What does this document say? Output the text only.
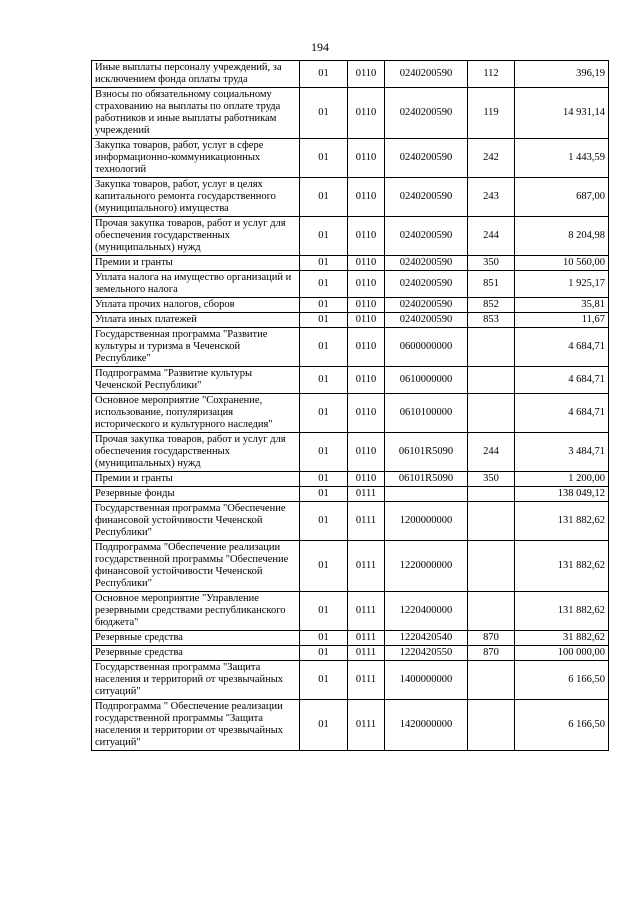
194
Иные выплаты персоналу учреждений, за исключением фонда оплаты труда	01	0110	0240200590	112	396,19
Взносы по обязательному социальному страхованию на выплаты по оплате труда работников и иные выплаты работникам учреждений	01	0110	0240200590	119	14 931,14
Закупка товаров, работ, услуг в сфере информационно-коммуникационных технологий	01	0110	0240200590	242	1 443,59
Закупка товаров, работ, услуг в целях капитального ремонта государственного (муниципального) имущества	01	0110	0240200590	243	687,00
Прочая закупка товаров, работ и услуг для обеспечения государственных (муниципальных) нужд	01	0110	0240200590	244	8 204,98
Премии и гранты	01	0110	0240200590	350	10 560,00
Уплата налога на имущество организаций и земельного налога	01	0110	0240200590	851	1 925,17
Уплата прочих налогов, сборов	01	0110	0240200590	852	35,81
Уплата иных платежей	01	0110	0240200590	853	11,67
Государственная программа "Развитие культуры и туризма в Чеченской Республике"	01	0110	0600000000		4 684,71
Подпрограмма "Развитие культуры Чеченской Республики"	01	0110	0610000000		4 684,71
Основное мероприятие "Сохранение, использование, популяризация исторического и культурного наследия"	01	0110	0610100000		4 684,71
Прочая закупка товаров, работ и услуг для обеспечения государственных (муниципальных) нужд	01	0110	06101R5090	244	3 484,71
Премии и гранты	01	0110	06101R5090	350	1 200,00
Резервные фонды	01	0111			138 049,12
Государственная программа "Обеспечение финансовой устойчивости Чеченской Республики"	01	0111	1200000000		131 882,62
Подпрограмма "Обеспечение реализации государственной программы "Обеспечение финансовой устойчивости Чеченской Республики"	01	0111	1220000000		131 882,62
Основное мероприятие "Управление резервными средствами республиканского бюджета"	01	0111	1220400000		131 882,62
Резервные средства	01	0111	1220420540	870	31 882,62
Резервные средства	01	0111	1220420550	870	100 000,00
Государственная программа "Защита населения и территорий от чрезвычайных ситуаций"	01	0111	1400000000		6 166,50
Подпрограмма " Обеспечение реализации государственной программы "Защита населения и территории от чрезвычайных ситуаций"	01	0111	1420000000		6 166,50
